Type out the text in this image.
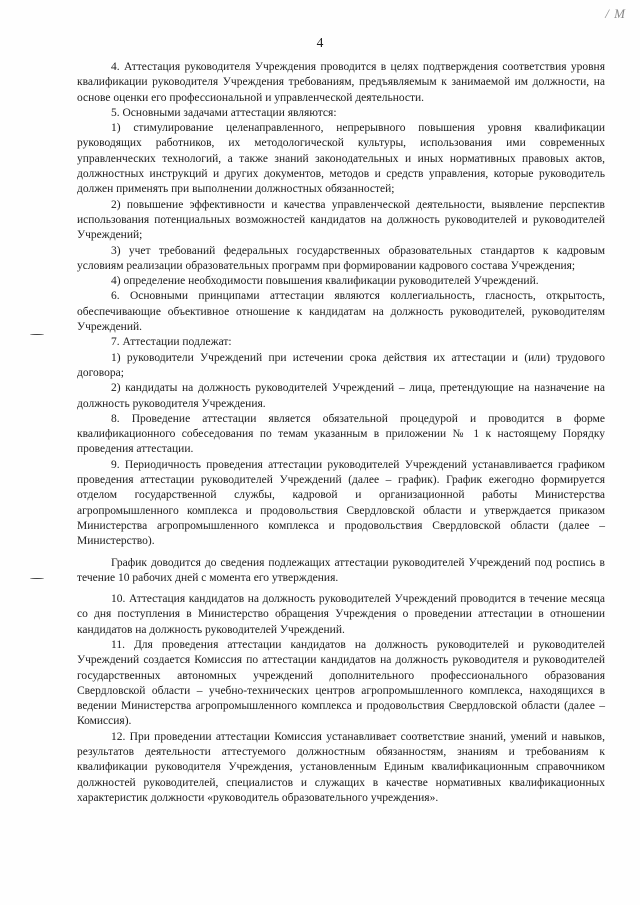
/ M
4

4. Аттестация руководителя Учреждения проводится в целях подтверждения соответствия уровня квалификации руководителя Учреждения требованиям, предъявляемым к занимаемой им должности, на основе оценки его профессиональной и управленческой деятельности.

5. Основными задачами аттестации являются:

1) стимулирование целенаправленного, непрерывного повышения уровня квалификации руководящих работников, их методологической культуры, использования ими современных управленческих технологий, а также знаний законодательных и иных нормативных правовых актов, должностных инструкций и других документов, методов и средств управления, которые руководитель должен применять при выполнении должностных обязанностей;

2) повышение эффективности и качества управленческой деятельности, выявление перспектив использования потенциальных возможностей кандидатов на должность руководителей и руководителей Учреждений;

3) учет требований федеральных государственных образовательных стандартов к кадровым условиям реализации образовательных программ при формировании кадрового состава Учреждения;

4) определение необходимости повышения квалификации руководителей Учреждений.

6. Основными принципами аттестации являются коллегиальность, гласность, открытость, обеспечивающие объективное отношение к кандидатам на должность руководителей, руководителям Учреждений.

7. Аттестации подлежат:

1) руководители Учреждений при истечении срока действия их аттестации и (или) трудового договора;

2) кандидаты на должность руководителей Учреждений – лица, претендующие на назначение на должность руководителя Учреждения.

8. Проведение аттестации является обязательной процедурой и проводится в форме квалификационного собеседования по темам указанным в приложении № 1 к настоящему Порядку проведения аттестации.

9. Периодичность проведения аттестации руководителей Учреждений устанавливается графиком проведения аттестации руководителей Учреждений (далее – график). График ежегодно формируется отделом государственной службы, кадровой и организационной работы Министерства агропромышленного комплекса и продовольствия Свердловской области и утверждается приказом Министерства агропромышленного комплекса и продовольствия Свердловской области (далее – Министерство).

График доводится до сведения подлежащих аттестации руководителей Учреждений под роспись в течение 10 рабочих дней с момента его утверждения.

10. Аттестация кандидатов на должность руководителей Учреждений проводится в течение месяца со дня поступления в Министерство обращения Учреждения о проведении аттестации в отношении кандидатов на должность руководителей Учреждений.

11. Для проведения аттестации кандидатов на должность руководителей и руководителей Учреждений создается Комиссия по аттестации кандидатов на должность руководителя и руководителей государственных автономных учреждений дополнительного профессионального образования Свердловской области – учебно-технических центров агропромышленного комплекса, находящихся в ведении Министерства агропромышленного комплекса и продовольствия Свердловской области (далее – Комиссия).

12. При проведении аттестации Комиссия устанавливает соответствие знаний, умений и навыков, результатов деятельности аттестуемого должностным обязанностям, знаниям и требованиям к квалификации руководителя Учреждения, установленным Единым квалификационным справочником должностей руководителей, специалистов и служащих в качестве нормативных квалификационных характеристик должности «руководитель образовательного учреждения».
